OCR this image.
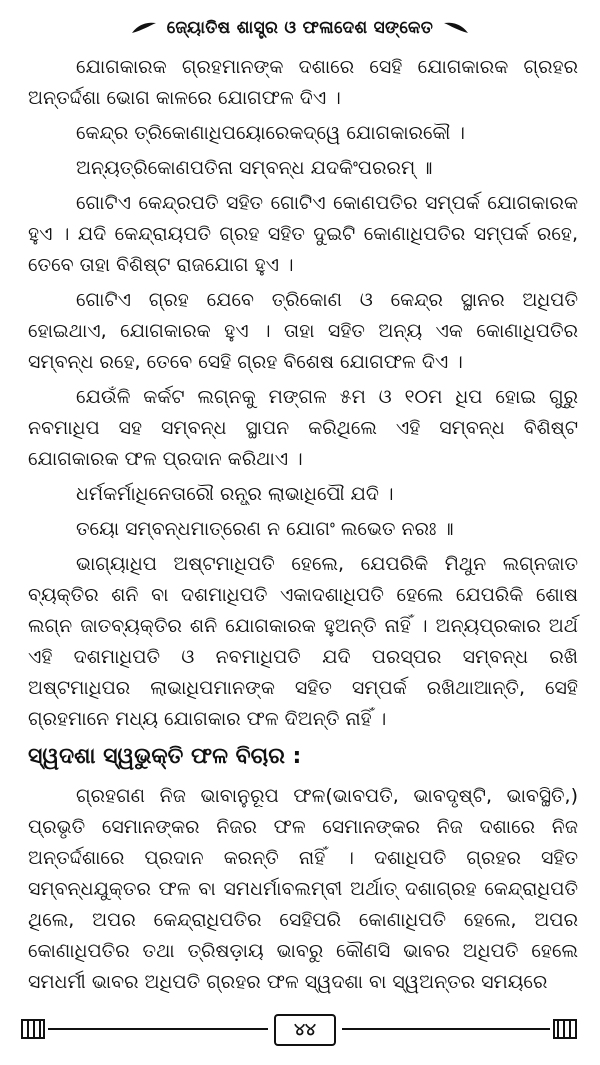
ଜ୍ୟୋତିଷ ଶାସ୍ତ୍ର ଓ ଫଳାଦେଶ ସଙ୍କେତ

ଯୋଗକାରକ ଗ୍ରହମାନଙ୍କ ଦଶାରେ ସେହି ଯୋଗକାରକ ଗ୍ରହର ଅନ୍ତର୍ଦ୍ଦଶା ଭୋଗ କାଳରେ ଯୋଗଫଳ ଦିଏ ।

କେନ୍ଦ୍ର ତ୍ରିକୋଣାଧିପୟୋରେକଦ୍ୱେ ଯୋଗକାରକୌ ।

ଅନ୍ୟତ୍ରିକୋଣପତିନା ସମ୍ବନ୍ଧ ଯଦକିଂପରରମ୍ ॥

ଗୋଟିଏ କେନ୍ଦ୍ରପତି ସହିତ ଗୋଟିଏ କୋଣପତିର ସମ୍ପର୍କ ଯୋଗକାରକ ହୁଏ । ଯଦି କେନ୍ଦ୍ରାୟପତି ଗ୍ରହ ସହିତ ଦୁଇଟି କୋଣାଧିପତିର ସମ୍ପର୍କ ରହେ, ତେବେ ତାହା ବିଶିଷ୍ଟ ରାଜଯୋଗ ହୁଏ ।

ଗୋଟିଏ ଗ୍ରହ ଯେବେ ତ୍ରିକୋଣ ଓ କେନ୍ଦ୍ର ସ୍ଥାନର ଅଧିପତି ହୋଇଥାଏ, ଯୋଗକାରକ ହୁଏ । ତାହା ସହିତ ଅନ୍ୟ ଏକ କୋଣାଧିପତିର ସମ୍ବନ୍ଧ ରହେ, ତେବେ ସେହି ଗ୍ରହ ବିଶେଷ ଯୋଗଫଳ ଦିଏ ।

ଯେଉଁଳି କର୍କଟ ଲଗ୍ନକୁ ମଙ୍ଗଳ ୫ମ ଓ ୧୦ମ ଧିପ ହୋଇ ଗୁରୁ ନବମାଧିପ ସହ ସମ୍ବନ୍ଧ ସ୍ଥାପନ କରିଥିଲେ ଏହି ସମ୍ବନ୍ଧ ବିଶିଷ୍ଟ ଯୋଗକାରକ ଫଳ ପ୍ରଦାନ କରିଥାଏ ।

ଧର୍ମକର୍ମାଧିନେତାରୌ ରନ୍ଧ୍ର ଲାଭାଧିପୌ ଯଦି ।

ତୟୋ ସମ୍ବନ୍ଧମାତ୍ରେଣ ନ ଯୋଗଂ ଲଭେତ ନରଃ ॥

ଭାଗ୍ୟାଧିପ ଅଷ୍ଟମାଧିପତି ହେଲେ, ଯେପରିକି ମିଥୁନ ଲଗ୍ନଜାତ ବ୍ୟକ୍ତିର ଶନି ବା ଦଶମାଧିପତି ଏକାଦଶାଧିପତି ହେଲେ ଯେପରିକି ଶୋଷ ଲଗ୍ନ ଜାତବ୍ୟକ୍ତିର ଶନି ଯୋଗକାରକ ହୁଅନ୍ତି ନାହିଁ । ଅନ୍ୟପ୍ରକାର ଅର୍ଥ ଏହି ଦଶମାଧିପତି ଓ ନବମାଧିପତି ଯଦି ପରସ୍ପର ସମ୍ବନ୍ଧ ରଖି ଅଷ୍ଟମାଧିପର ଲାଭାଧିପମାନଙ୍କ ସହିତ ସମ୍ପର୍କ ରଖିଥାଆନ୍ତି, ସେହି ଗ୍ରହମାନେ ମଧ୍ୟ ଯୋଗକାର ଫଳ ଦିଅନ୍ତି ନାହିଁ ।

ସ୍ୱଦଶା ସ୍ୱଭୁକ୍ତି ଫଳ ବିଚାର :

ଗ୍ରହଗଣ ନିଜ ଭାବାନୁରୂପ ଫଳ(ଭାବପତି, ଭାବଦୃଷ୍ଟି, ଭାବସ୍ଥିତି,) ପ୍ରଭୃତି ସେମାନଙ୍କର ନିଜର ଫଳ ସେମାନଙ୍କର ନିଜ ଦଶାରେ ନିଜ ଅନ୍ତର୍ଦ୍ଦଶାରେ ପ୍ରଦାନ କରନ୍ତି ନାହିଁ । ଦଶାଧିପତି ଗ୍ରହର ସହିତ ସମ୍ବନ୍ଧଯୁକ୍ତର ଫଳ ବା ସମଧର୍ମାବଲମ୍ବୀ ଅର୍ଥାତ୍ ଦଶାଗ୍ରହ କେନ୍ଦ୍ରାଧିପତି ଥିଲେ, ଅପର କେନ୍ଦ୍ରାଧିପତିର ସେହିପରି କୋଣାଧିପତି ହେଲେ, ଅପର କୋଣାଧିପତିର ତଥା ତ୍ରିଷଡ଼ାୟ ଭାବରୁ କୌଣସି ଭାବର ଅଧିପତି ହେଲେ ସମଧର୍ମୀ ଭାବର ଅଧିପତି ଗ୍ରହର ଫଳ ସ୍ୱଦଶା ବା ସ୍ୱଅନ୍ତର ସମୟରେ

୪୪
